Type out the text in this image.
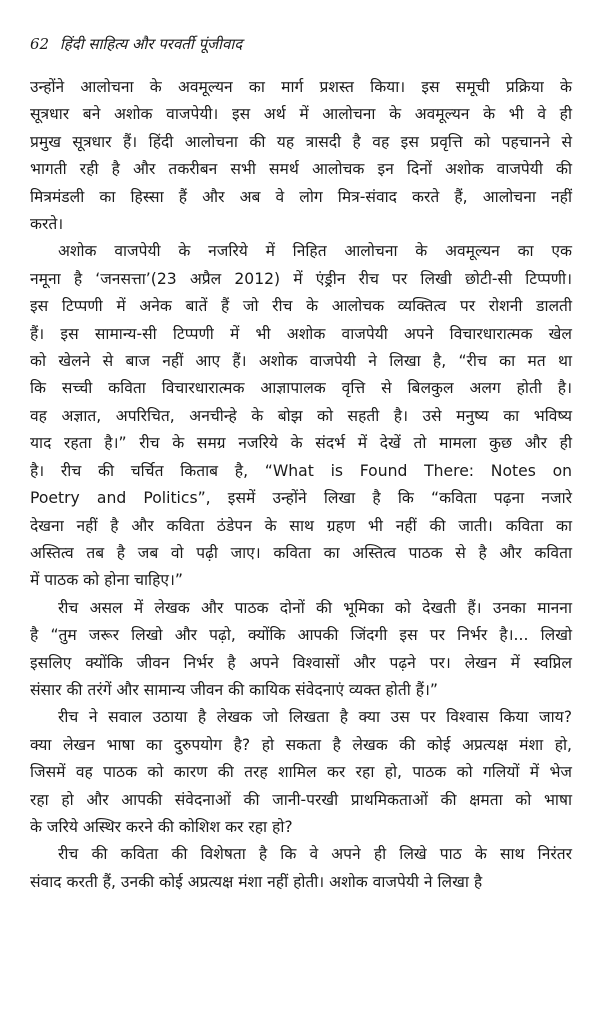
62 हिंदी साहित्य और परवर्ती पूंजीवाद
उन्होंने आलोचना के अवमूल्यन का मार्ग प्रशस्त किया। इस समूची प्रक्रिया के
सूत्रधार बने अशोक वाजपेयी। इस अर्थ में आलोचना के अवमूल्यन के भी वे ही
प्रमुख सूत्रधार हैं। हिंदी आलोचना की यह त्रासदी है वह इस प्रवृत्ति को पहचानने से
भागती रही है और तकरीबन सभी समर्थ आलोचक इन दिनों अशोक वाजपेयी की
मित्रमंडली का हिस्सा हैं और अब वे लोग मित्र-संवाद करते हैं, आलोचना नहीं
करते।
अशोक वाजपेयी के नजरिये में निहित आलोचना के अवमूल्यन का एक
नमूना है ‘जनसत्ता’(23 अप्रैल 2012) में एंड्रीन रीच पर लिखी छोटी-सी टिप्पणी।
इस टिप्पणी में अनेक बातें हैं जो रीच के आलोचक व्यक्तित्व पर रोशनी डालती
हैं। इस सामान्य-सी टिप्पणी में भी अशोक वाजपेयी अपने विचारधारात्मक खेल
को खेलने से बाज नहीं आए हैं। अशोक वाजपेयी ने लिखा है, “रीच का मत था
कि सच्ची कविता विचारधारात्मक आज्ञापालक वृत्ति से बिलकुल अलग होती है।
वह अज्ञात, अपरिचित, अनचीन्हे के बोझ को सहती है। उसे मनुष्य का भविष्य
याद रहता है।” रीच के समग्र नजरिये के संदर्भ में देखें तो मामला कुछ और ही
है। रीच की चर्चित किताब है, “What is Found There: Notes on
Poetry and Politics”, इसमें उन्होंने लिखा है कि “कविता पढ़ना नजारे
देखना नहीं है और कविता ठंडेपन के साथ ग्रहण भी नहीं की जाती। कविता का
अस्तित्व तब है जब वो पढ़ी जाए। कविता का अस्तित्व पाठक से है और कविता
में पाठक को होना चाहिए।”
रीच असल में लेखक और पाठक दोनों की भूमिका को देखती हैं। उनका मानना
है “तुम जरूर लिखो और पढ़ो, क्योंकि आपकी जिंदगी इस पर निर्भर है।... लिखो
इसलिए क्योंकि जीवन निर्भर है अपने विश्वासों और पढ़ने पर। लेखन में स्वप्निल
संसार की तरंगें और सामान्य जीवन की कायिक संवेदनाएं व्यक्त होती हैं।”
रीच ने सवाल उठाया है लेखक जो लिखता है क्या उस पर विश्वास किया जाय?
क्या लेखन भाषा का दुरुपयोग है? हो सकता है लेखक की कोई अप्रत्यक्ष मंशा हो,
जिसमें वह पाठक को कारण की तरह शामिल कर रहा हो, पाठक को गलियों में भेज
रहा हो और आपकी संवेदनाओं की जानी-परखी प्राथमिकताओं की क्षमता को भाषा
के जरिये अस्थिर करने की कोशिश कर रहा हो?
रीच की कविता की विशेषता है कि वे अपने ही लिखे पाठ के साथ निरंतर
संवाद करती हैं, उनकी कोई अप्रत्यक्ष मंशा नहीं होती। अशोक वाजपेयी ने लिखा है
